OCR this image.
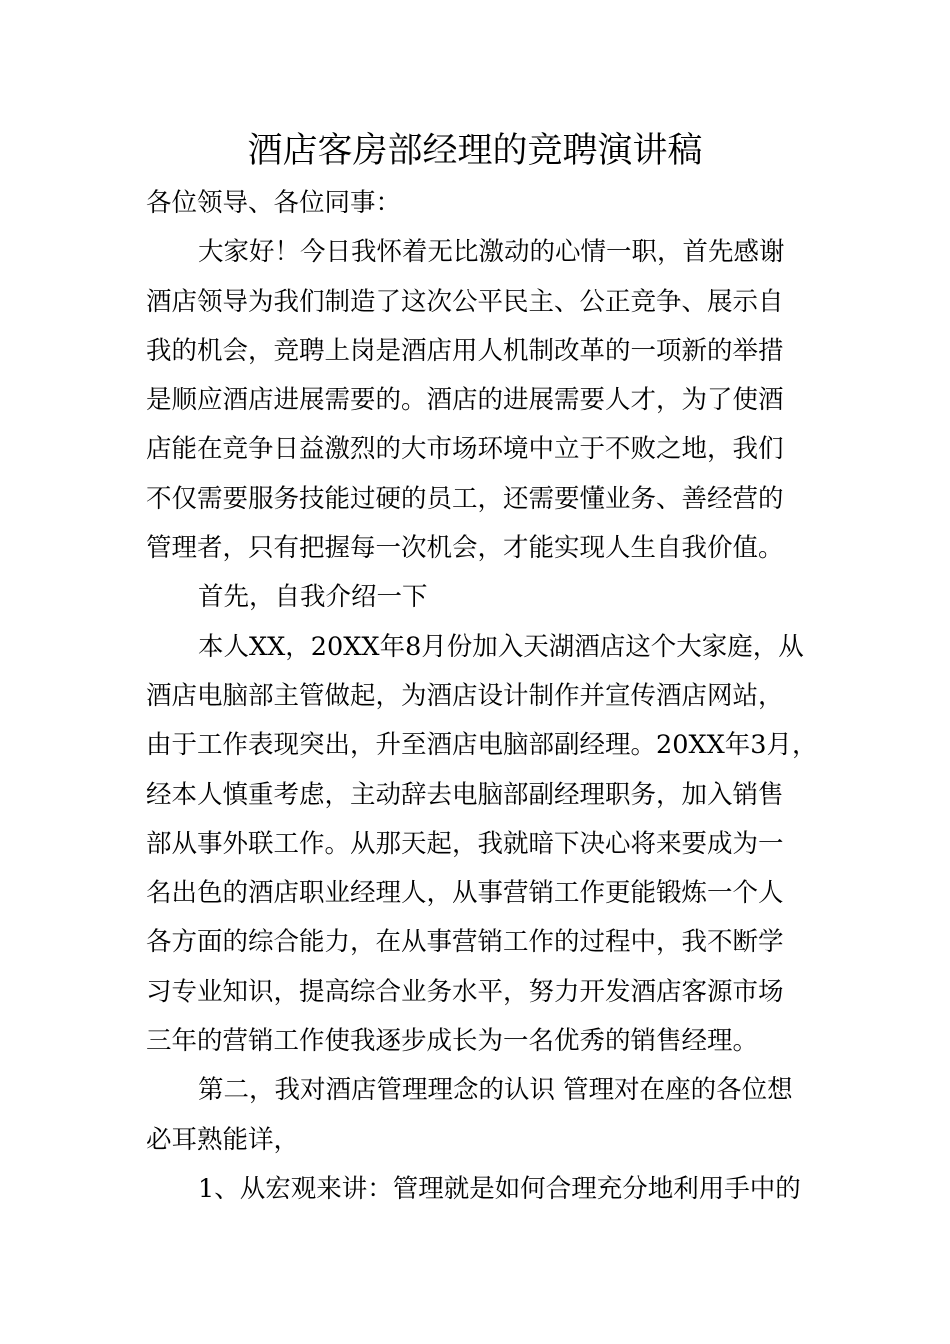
酒店客房部经理的竞聘演讲稿
各位领导、各位同事：
大家好！今日我怀着无比激动的心情一职，首先感谢
酒店领导为我们制造了这次公平民主、公正竞争、展示自
我的机会，竞聘上岗是酒店用人机制改革的一项新的举措
是顺应酒店进展需要的。酒店的进展需要人才，为了使酒
店能在竞争日益激烈的大市场环境中立于不败之地，我们
不仅需要服务技能过硬的员工，还需要懂业务、善经营的
管理者，只有把握每一次机会，才能实现人生自我价值。
首先，自我介绍一下
本人XX，20XX年8月份加入天湖酒店这个大家庭，从
酒店电脑部主管做起，为酒店设计制作并宣传酒店网站，
由于工作表现突出，升至酒店电脑部副经理。20XX年3月，
经本人慎重考虑，主动辞去电脑部副经理职务，加入销售
部从事外联工作。从那天起，我就暗下决心将来要成为一
名出色的酒店职业经理人，从事营销工作更能锻炼一个人
各方面的综合能力，在从事营销工作的过程中，我不断学
习专业知识，提高综合业务水平，努力开发酒店客源市场
三年的营销工作使我逐步成长为一名优秀的销售经理。
第二，我对酒店管理理念的认识 管理对在座的各位想
必耳熟能详，
1、从宏观来讲：管理就是如何合理充分地利用手中的
